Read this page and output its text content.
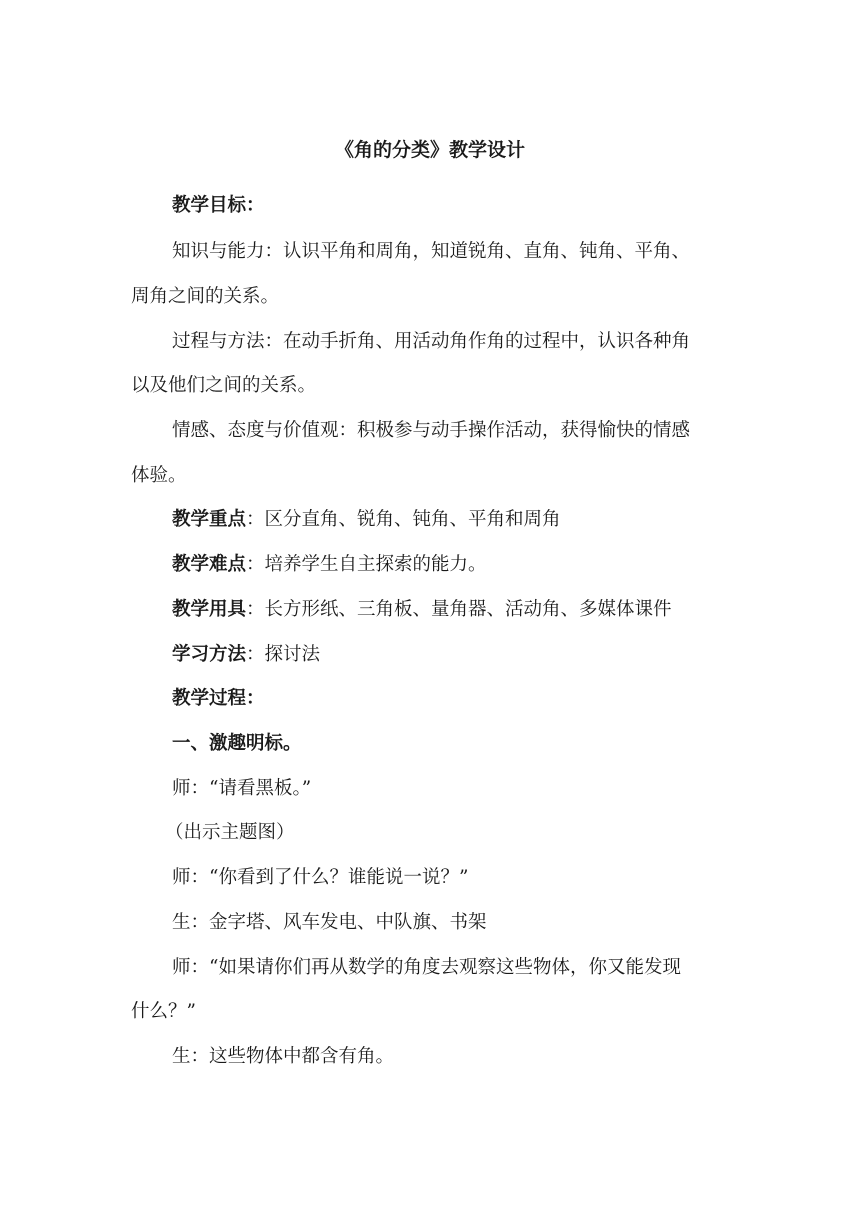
《角的分类》教学设计
教学目标：
知识与能力：认识平角和周角，知道锐角、直角、钝角、平角、
周角之间的关系。
过程与方法：在动手折角、用活动角作角的过程中，认识各种角
以及他们之间的关系。
情感、态度与价值观：积极参与动手操作活动，获得愉快的情感
体验。
教学重点：区分直角、锐角、钝角、平角和周角
教学难点：培养学生自主探索的能力。
教学用具：长方形纸、三角板、量角器、活动角、多媒体课件
学习方法：探讨法
教学过程：
一、激趣明标。
师：“请看黑板。”
（出示主题图）
师：“你看到了什么？谁能说一说？”
生：金字塔、风车发电、中队旗、书架
师：“如果请你们再从数学的角度去观察这些物体，你又能发现
什么？”
生：这些物体中都含有角。
